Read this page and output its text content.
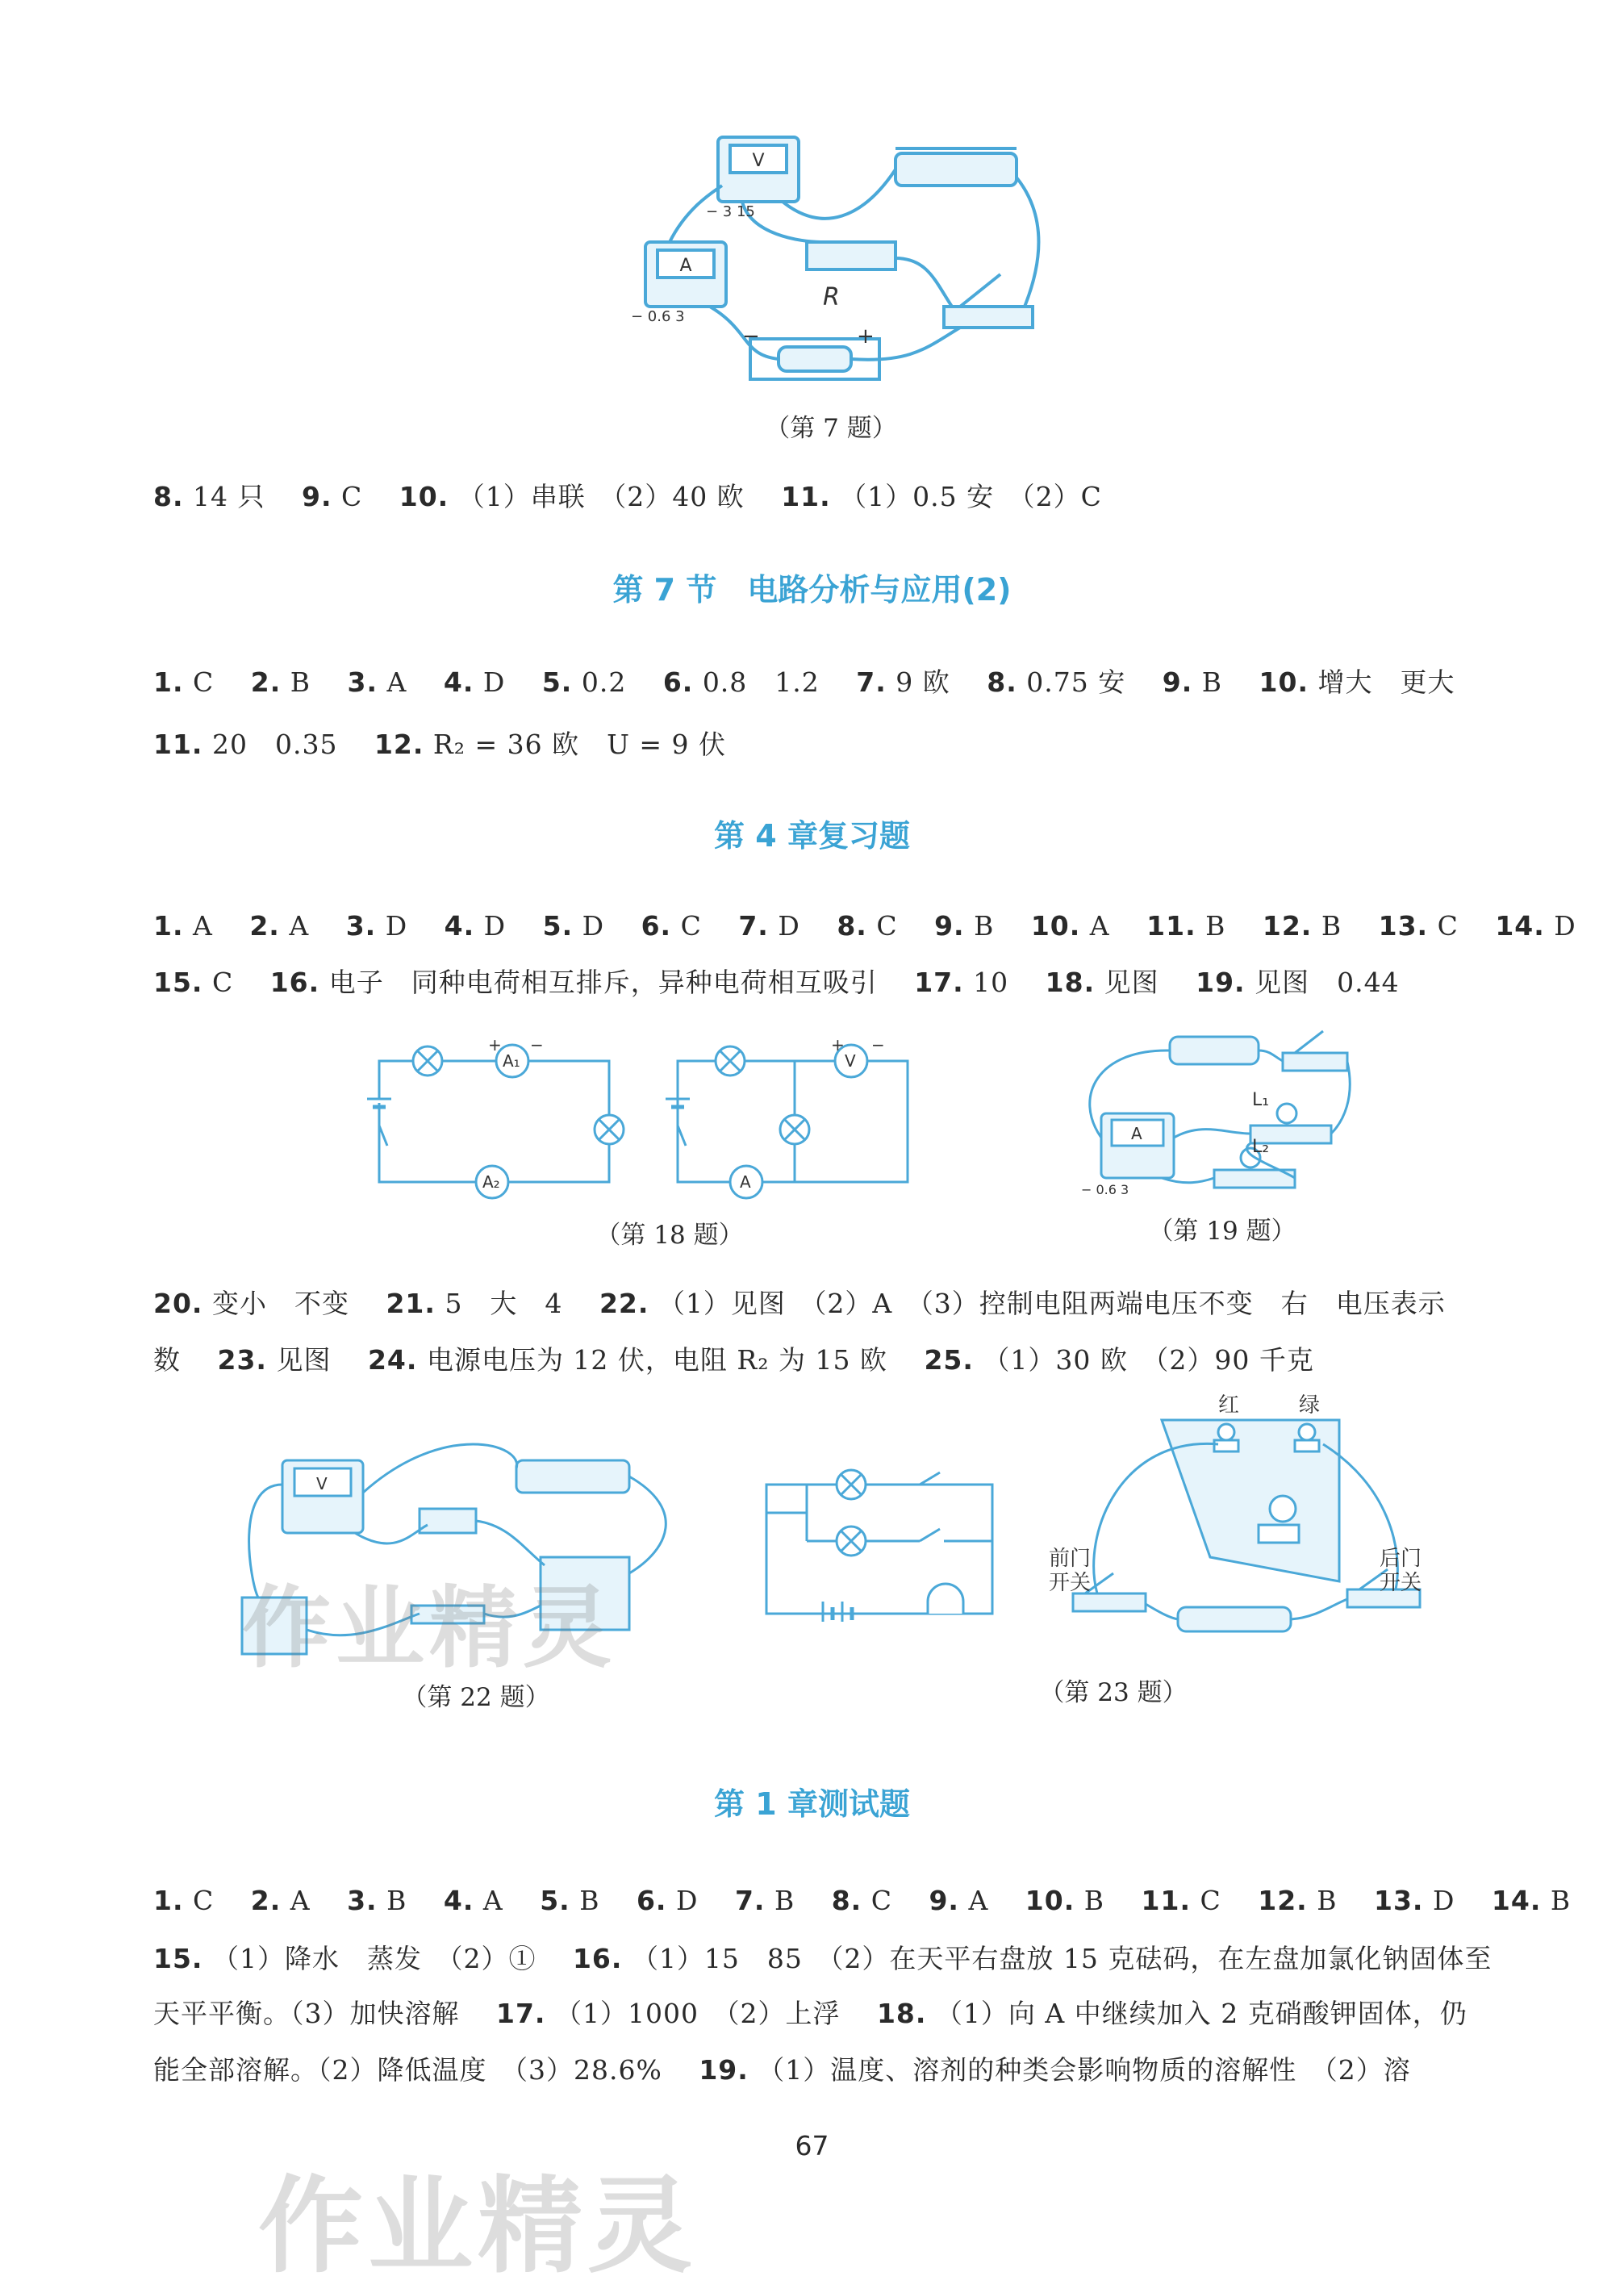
V
A
− 3 15
− 0.6 3
R
−	+
（第 7 题）
8. 14 只　 9. C　 10. （1）串联　（2）40 欧　 11. （1）0.5 安　（2）C
第 7 节　电路分析与应用(2)
1. C　 2. B　 3. A　 4. D　 5. 0.2　 6. 0.8　1.2　 7. 9 欧　 8. 0.75 安　 9. B　 10. 增大　更大
11. 20　0.35　 12. R₂ = 36 欧　U = 9 伏
第 4 章复习题
1. A　 2. A　 3. D　 4. D　 5. D　 6. C　 7. D　 8. C　 9. B　 10. A　 11. B　 12. B　 13. C　 14. D
15. C　 16. 电子　同种电荷相互排斥，异种电荷相互吸引　 17. 10　 18. 见图　 19. 见图　0.44
A₁
A₂
V
A
+ −	+ −
（第 18 题）
A
− 0.6 3
L₁
L₂
（第 19 题）
20. 变小　不变　 21. 5　大　4　 22. （1）见图　（2）A　（3）控制电阻两端电压不变　右　电压表示
数　 23. 见图　 24. 电源电压为 12 伏，电阻 R₂ 为 15 欧　 25. （1）30 欧　（2）90 千克
V
（第 22 题）
红	绿
前门
开关
后门
开关
（第 23 题）
第 1 章测试题
1. C　 2. A　 3. B　 4. A　 5. B　 6. D　 7. B　 8. C　 9. A　 10. B　 11. C　 12. B　 13. D　 14. B
15. （1）降水　蒸发　（2）①　 16. （1）15　85　（2）在天平右盘放 15 克砝码，在左盘加氯化钠固体至
天平平衡。（3）加快溶解　 17. （1）1000　（2）上浮　 18. （1）向 A 中继续加入 2 克硝酸钾固体，仍
能全部溶解。（2）降低温度　（3）28.6%　 19. （1）温度、溶剂的种类会影响物质的溶解性　（2）溶
作业精灵
67
作业精灵
